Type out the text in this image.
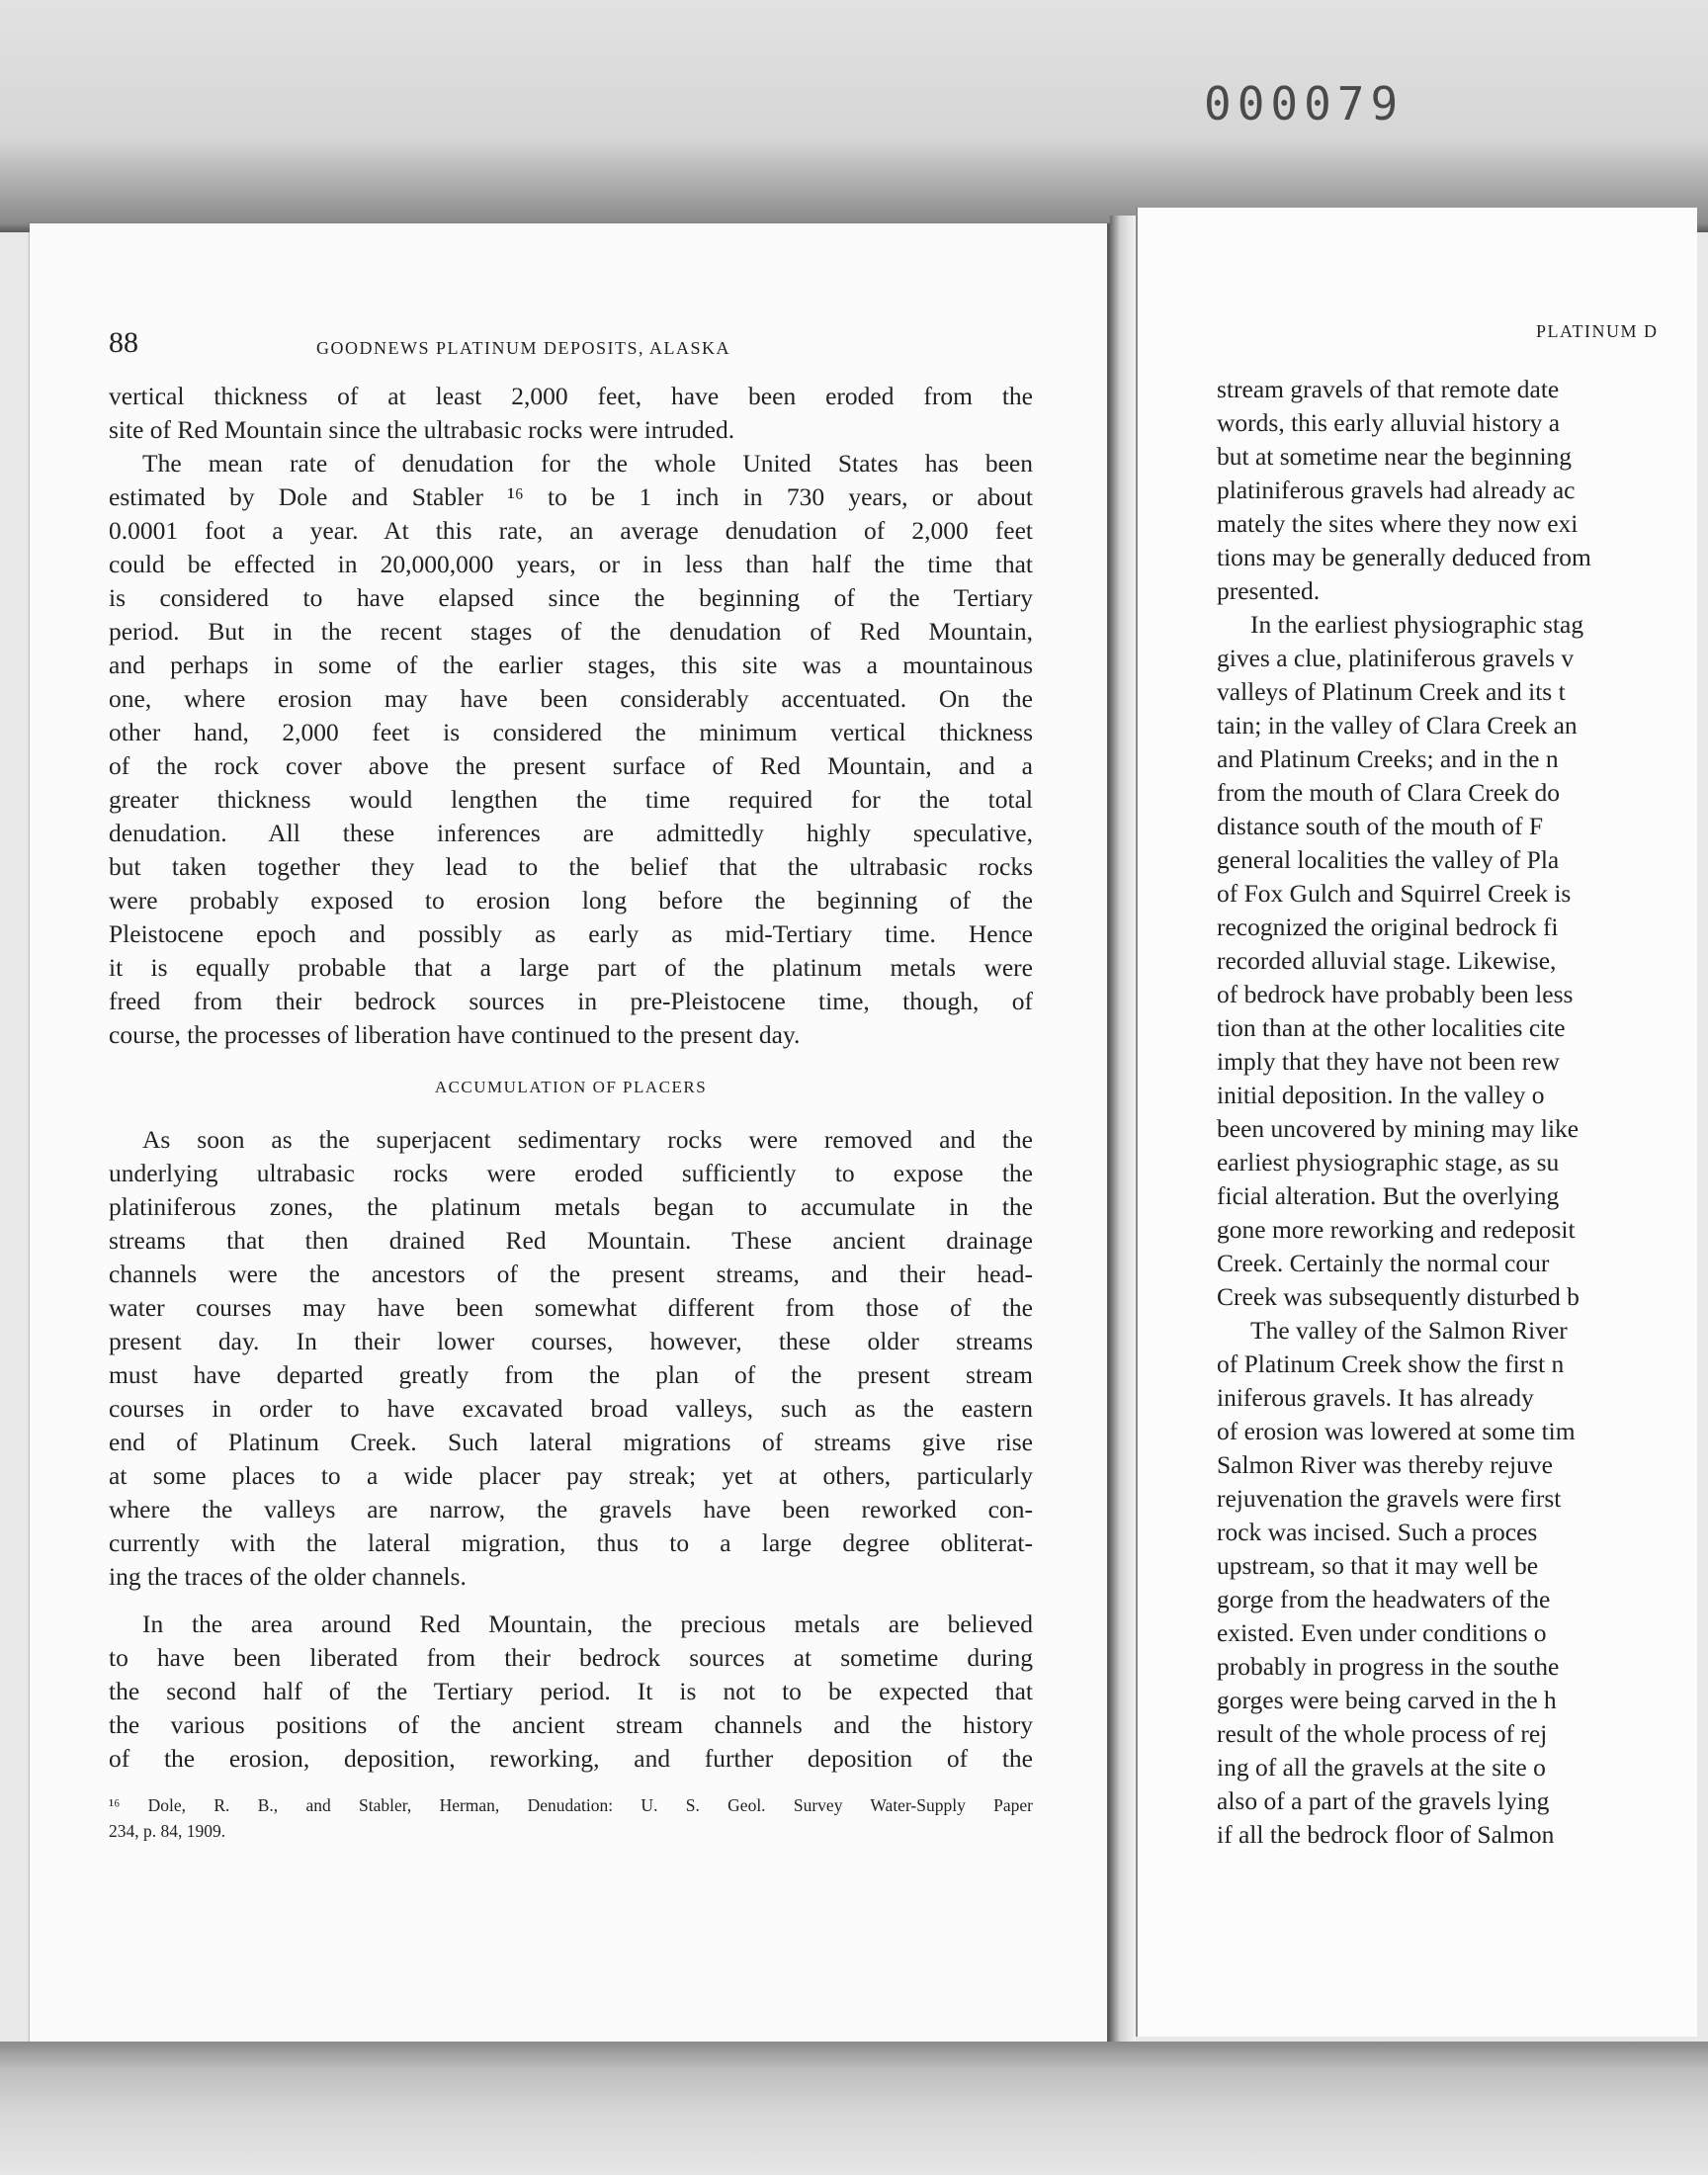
000079
88	GOODNEWS PLATINUM DEPOSITS, ALASKA
vertical thickness of at least 2,000 feet, have been eroded from the
site of Red Mountain since the ultrabasic rocks were intruded.
The mean rate of denudation for the whole United States has been
estimated by Dole and Stabler ¹⁶ to be 1 inch in 730 years, or about
0.0001 foot a year. At this rate, an average denudation of 2,000 feet
could be effected in 20,000,000 years, or in less than half the time that
is considered to have elapsed since the beginning of the Tertiary
period. But in the recent stages of the denudation of Red Mountain,
and perhaps in some of the earlier stages, this site was a mountainous
one, where erosion may have been considerably accentuated. On the
other hand, 2,000 feet is considered the minimum vertical thickness
of the rock cover above the present surface of Red Mountain, and a
greater thickness would lengthen the time required for the total
denudation. All these inferences are admittedly highly speculative,
but taken together they lead to the belief that the ultrabasic rocks
were probably exposed to erosion long before the beginning of the
Pleistocene epoch and possibly as early as mid-Tertiary time. Hence
it is equally probable that a large part of the platinum metals were
freed from their bedrock sources in pre-Pleistocene time, though, of
course, the processes of liberation have continued to the present day.
ACCUMULATION OF PLACERS
As soon as the superjacent sedimentary rocks were removed and the
underlying ultrabasic rocks were eroded sufficiently to expose the
platiniferous zones, the platinum metals began to accumulate in the
streams that then drained Red Mountain. These ancient drainage
channels were the ancestors of the present streams, and their head-
water courses may have been somewhat different from those of the
present day. In their lower courses, however, these older streams
must have departed greatly from the plan of the present stream
courses in order to have excavated broad valleys, such as the eastern
end of Platinum Creek. Such lateral migrations of streams give rise
at some places to a wide placer pay streak; yet at others, particularly
where the valleys are narrow, the gravels have been reworked con-
currently with the lateral migration, thus to a large degree obliterat-
ing the traces of the older channels.
In the area around Red Mountain, the precious metals are believed
to have been liberated from their bedrock sources at sometime during
the second half of the Tertiary period. It is not to be expected that
the various positions of the ancient stream channels and the history
of the erosion, deposition, reworking, and further deposition of the
¹⁶ Dole, R. B., and Stabler, Herman, Denudation: U. S. Geol. Survey Water-Supply Paper
234, p. 84, 1909.
PLATINUM D
stream gravels of that remote date
words, this early alluvial history a
but at sometime near the beginning
platiniferous gravels had already ac
mately the sites where they now exi
tions may be generally deduced from
presented.
In the earliest physiographic stag
gives a clue, platiniferous gravels v
valleys of Platinum Creek and its t
tain; in the valley of Clara Creek an
and Platinum Creeks; and in the n
from the mouth of Clara Creek do
distance south of the mouth of F
general localities the valley of Pla
of Fox Gulch and Squirrel Creek is
recognized the original bedrock fi
recorded alluvial stage. Likewise,
of bedrock have probably been less
tion than at the other localities cite
imply that they have not been rew
initial deposition. In the valley o
been uncovered by mining may like
earliest physiographic stage, as su
ficial alteration. But the overlying
gone more reworking and redeposit
Creek. Certainly the normal cour
Creek was subsequently disturbed b
The valley of the Salmon River
of Platinum Creek show the first n
iniferous gravels. It has already
of erosion was lowered at some tim
Salmon River was thereby rejuve
rejuvenation the gravels were first
rock was incised. Such a proces
upstream, so that it may well be
gorge from the headwaters of the
existed. Even under conditions o
probably in progress in the southe
gorges were being carved in the h
result of the whole process of rej
ing of all the gravels at the site o
also of a part of the gravels lying
if all the bedrock floor of Salmon
